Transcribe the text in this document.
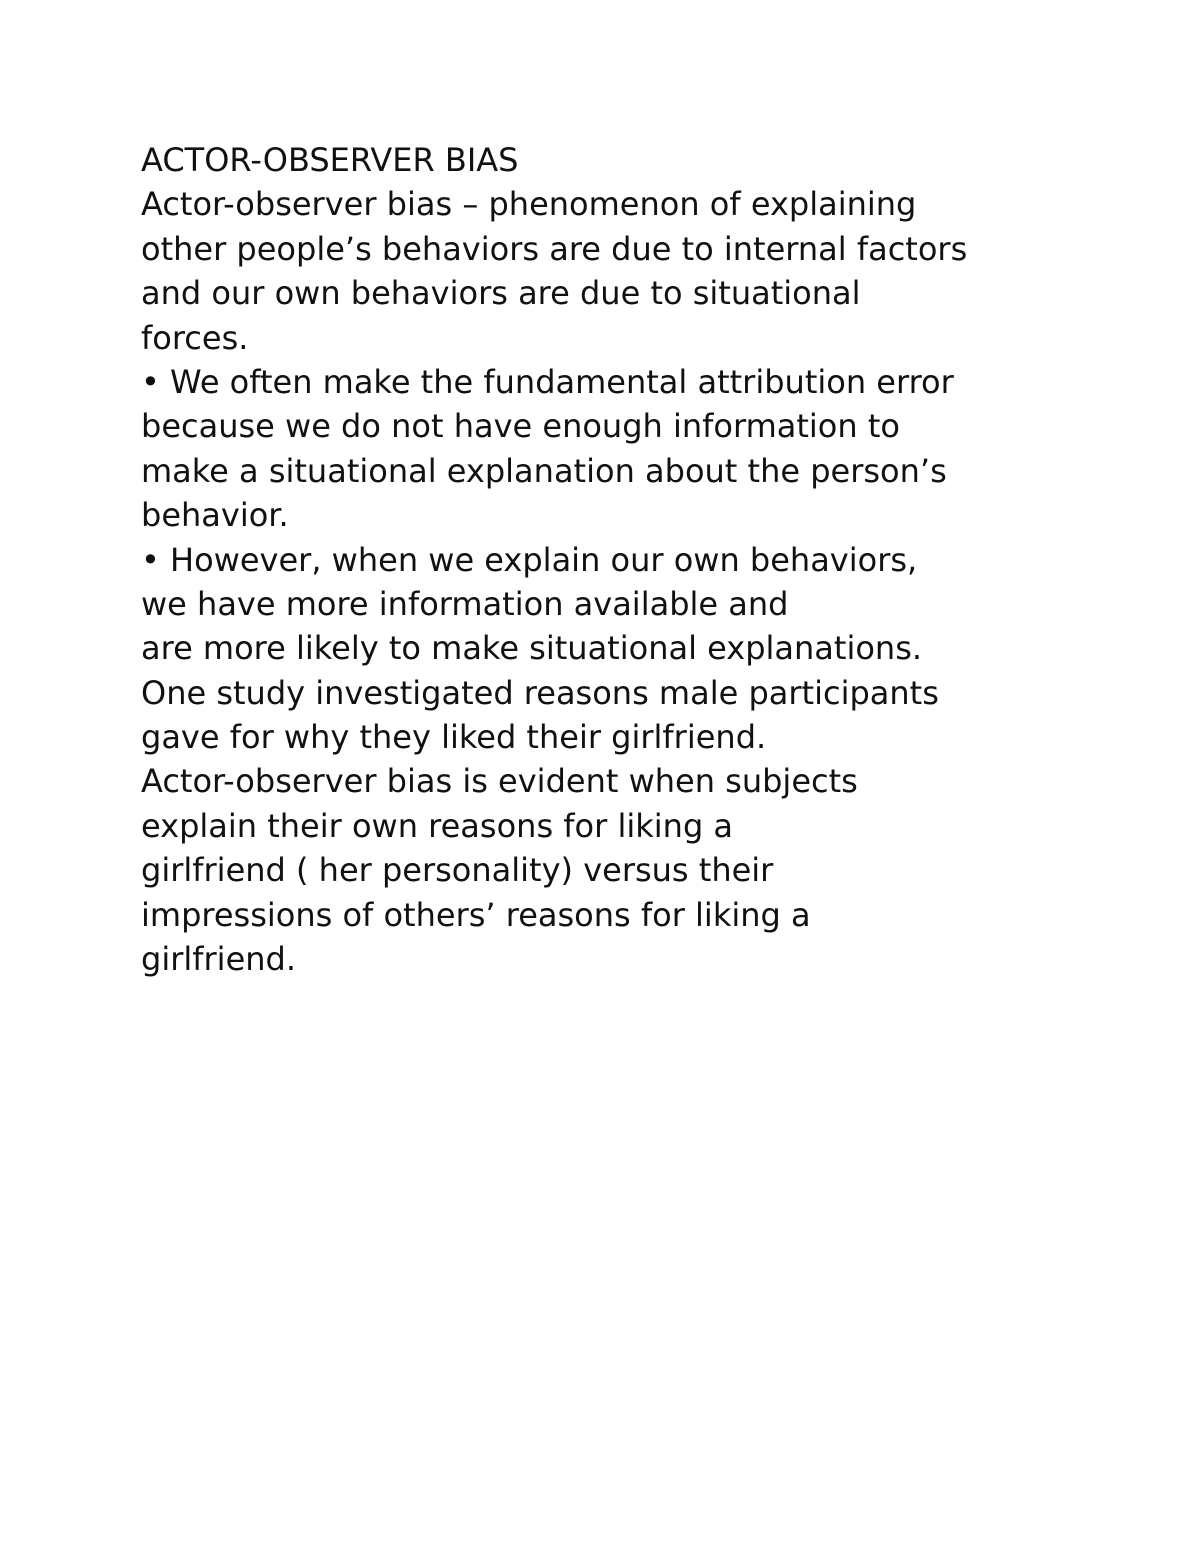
ACTOR-OBSERVER BIAS
Actor-observer bias – phenomenon of explaining
other people’s behaviors are due to internal factors
and our own behaviors are due to situational
forces.
• We often make the fundamental attribution error
because we do not have enough information to
make a situational explanation about the person’s
behavior.
• However, when we explain our own behaviors,
we have more information available and
are more likely to make situational explanations.
One study investigated reasons male participants
gave for why they liked their girlfriend.
Actor-observer bias is evident when subjects
explain their own reasons for liking a
girlfriend ( her personality) versus their
impressions of others’ reasons for liking a
girlfriend.
